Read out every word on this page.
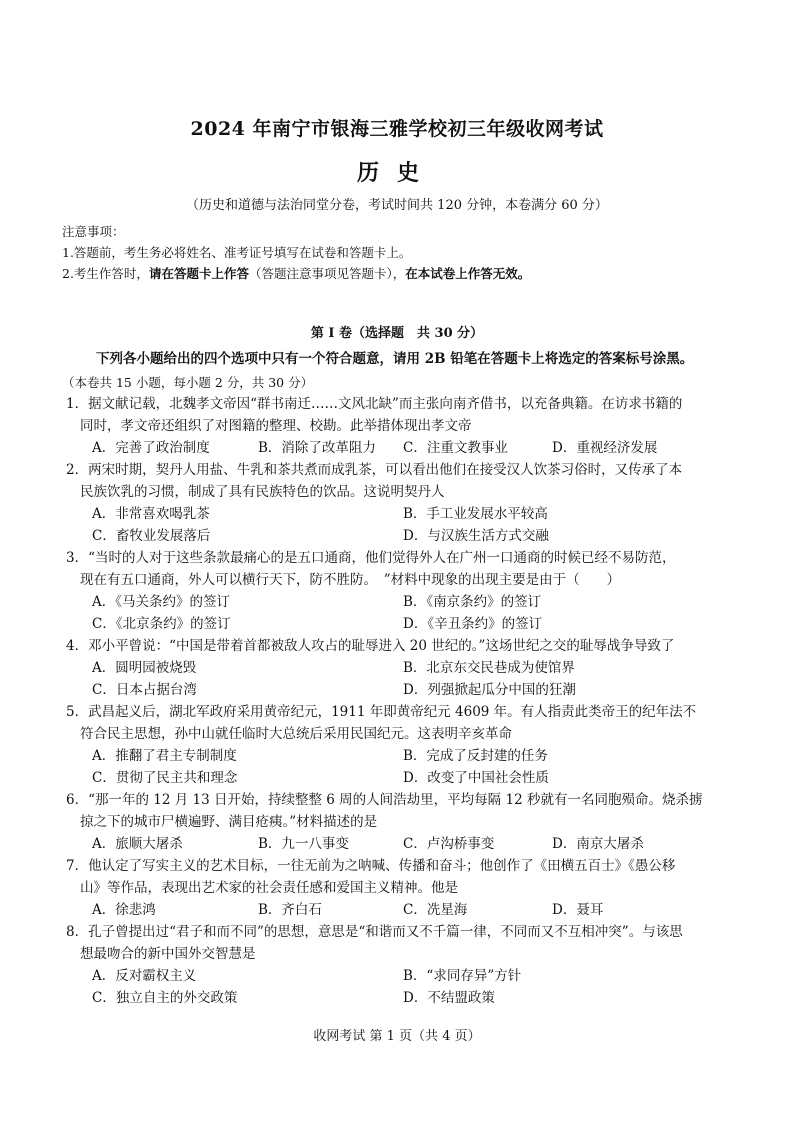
2024 年南宁市银海三雅学校初三年级收网考试
历史
（历史和道德与法治同堂分卷，考试时间共 120 分钟，本卷满分 60 分）
注意事项：
1.答题前，考生务必将姓名、准考证号填写在试卷和答题卡上。
2.考生作答时，请在答题卡上作答（答题注意事项见答题卡），在本试卷上作答无效。
第 I 卷（选择题　共 30 分）
下列各小题给出的四个选项中只有一个符合题意，请用 2B 铅笔在答题卡上将选定的答案标号涂黑。
（本卷共 15 小题，每小题 2 分，共 30 分）
1．据文献记载，北魏孝文帝因“群书南迁……文风北缺”而主张向南齐借书，以充备典籍。在访求书籍的
同时，孝文帝还组织了对图籍的整理、校勘。此举措体现出孝文帝
A．完善了政治制度	B．消除了改革阻力 C．注重文教事业	D．重视经济发展
2．两宋时期，契丹人用盐、牛乳和茶共煮而成乳茶，可以看出他们在接受汉人饮茶习俗时，又传承了本
民族饮乳的习惯，制成了具有民族特色的饮品。这说明契丹人
A．非常喜欢喝乳茶	B．手工业发展水平较高
C．畜牧业发展落后	D．与汉族生活方式交融
3．“当时的人对于这些条款最痛心的是五口通商，他们觉得外人在广州一口通商的时候已经不易防范，
现在有五口通商，外人可以横行天下，防不胜防。　”材料中现象的出现主要是由于（　　）
A．《马关条约》的签订	B．《南京条约》的签订
C．《北京条约》的签订	D．《辛丑条约》的签订
4．邓小平曾说：“中国是带着首都被敌人攻占的耻辱进入 20 世纪的。”这场世纪之交的耻辱战争导致了
A．圆明园被烧毁	B．北京东交民巷成为使馆界
C．日本占据台湾	D．列强掀起瓜分中国的狂潮
5．武昌起义后，湖北军政府采用黄帝纪元，1911 年即黄帝纪元 4609 年。有人指责此类帝王的纪年法不
符合民主思想，孙中山就任临时大总统后采用民国纪元。这表明辛亥革命
A．推翻了君主专制制度	B．完成了反封建的任务
C．贯彻了民主共和理念	D．改变了中国社会性质
6．“那一年的 12 月 13 日开始，持续整整 6 周的人间浩劫里，平均每隔 12 秒就有一名同胞殒命。烧杀掳
掠之下的城市尸横遍野、满目疮痍。”材料描述的是
A．旅顺大屠杀	B．九一八事变	C．卢沟桥事变	D．南京大屠杀
7．他认定了写实主义的艺术目标，一往无前为之呐喊、传播和奋斗；他创作了《田横五百士》《愚公移
山》等作品，表现出艺术家的社会责任感和爱国主义精神。他是
A．徐悲鸿	B．齐白石	C．冼星海	D．聂耳
8．孔子曾提出过“君子和而不同”的思想，意思是“和谐而又不千篇一律，不同而又不互相冲突”。与该思
想最吻合的新中国外交智慧是
A．反对霸权主义	B．“求同存异”方针
C．独立自主的外交政策	D．不结盟政策
收网考试 第 1 页（共 4 页）
